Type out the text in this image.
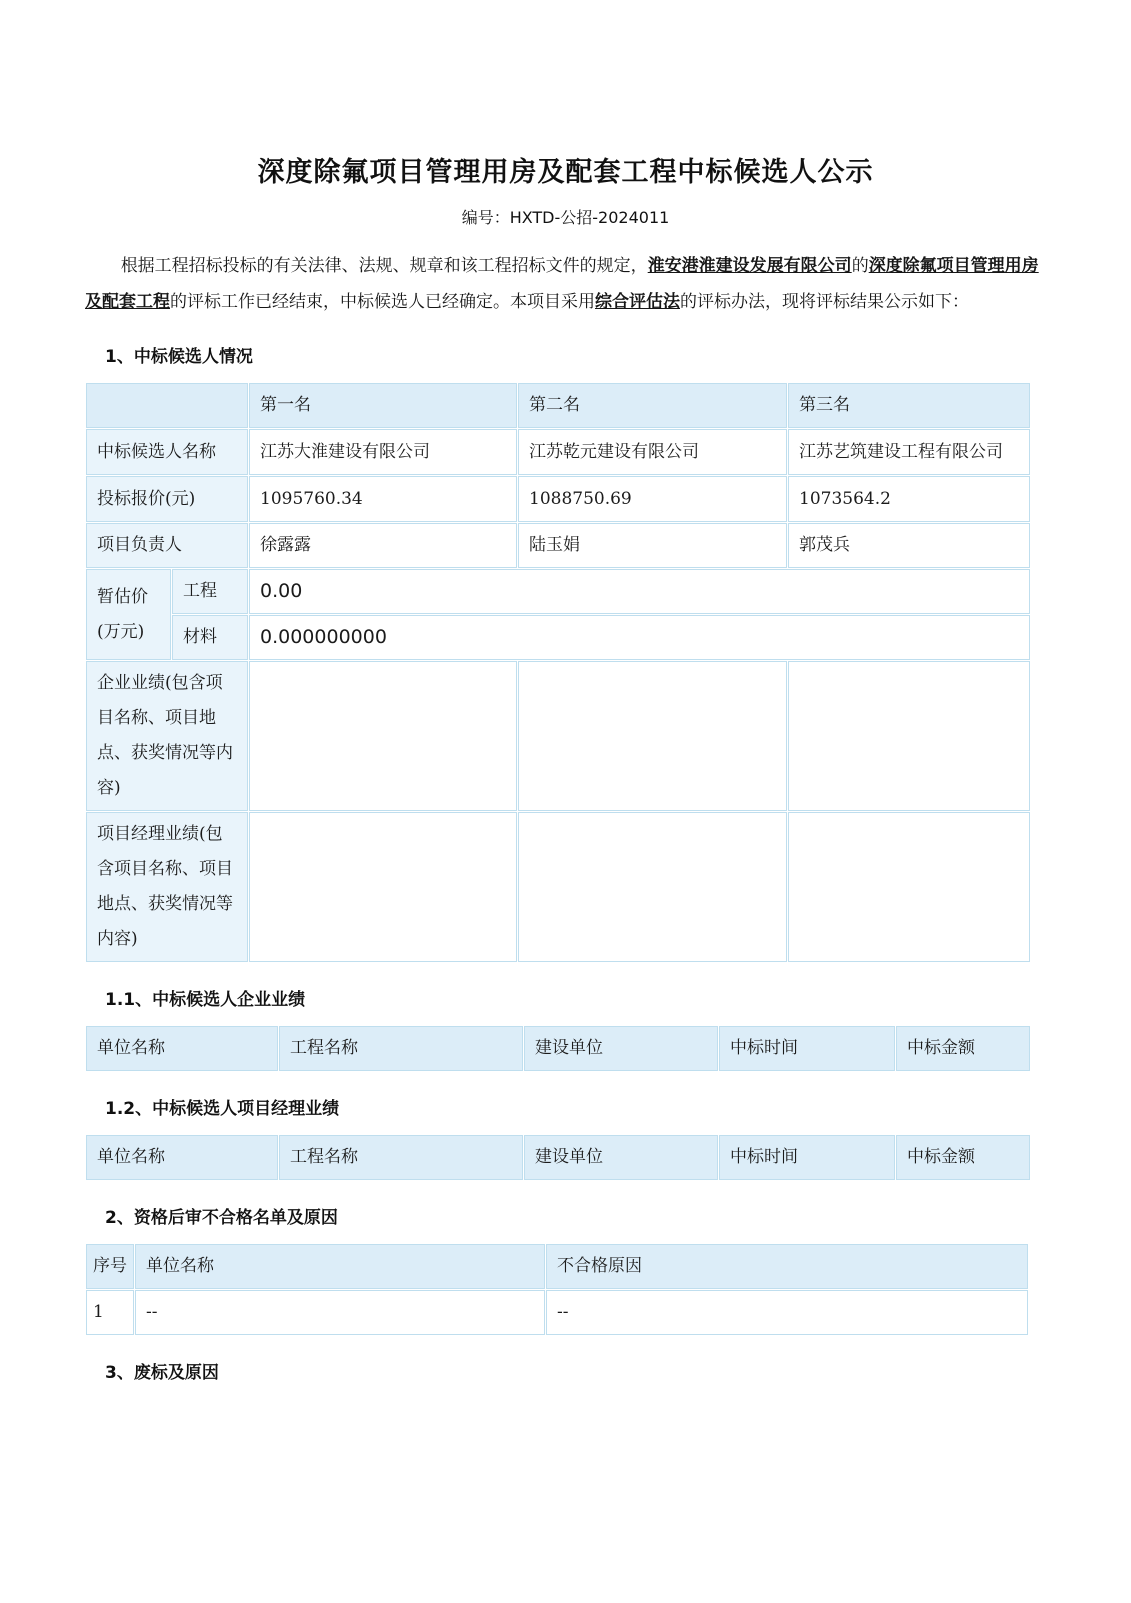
深度除氟项目管理用房及配套工程中标候选人公示
编号：HXTD-公招-2024011

根据工程招标投标的有关法律、法规、规章和该工程招标文件的规定，淮安港淮建设发展有限公司的深度除氟项目管理用房及配套工程的评标工作已经结束，中标候选人已经确定。本项目采用综合评估法的评标办法，现将评标结果公示如下：

1、中标候选人情况
		第一名	第二名	第三名
中标候选人名称		江苏大淮建设有限公司	江苏乾元建设有限公司	江苏艺筑建设工程有限公司
投标报价(元)		1095760.34	1088750.69	1073564.2
项目负责人		徐露露	陆玉娟	郭茂兵
暂估价(万元)	工程	0.00		
	材料	0.000000000		
企业业绩(包含项目名称、项目地点、获奖情况等内容)				
项目经理业绩(包含项目名称、项目地点、获奖情况等内容)				
1.1、中标候选人企业业绩
单位名称	工程名称	建设单位	中标时间	中标金额
1.2、中标候选人项目经理业绩
单位名称	工程名称	建设单位	中标时间	中标金额
2、资格后审不合格名单及原因
序号	单位名称	不合格原因
1	--	--
3、废标及原因
